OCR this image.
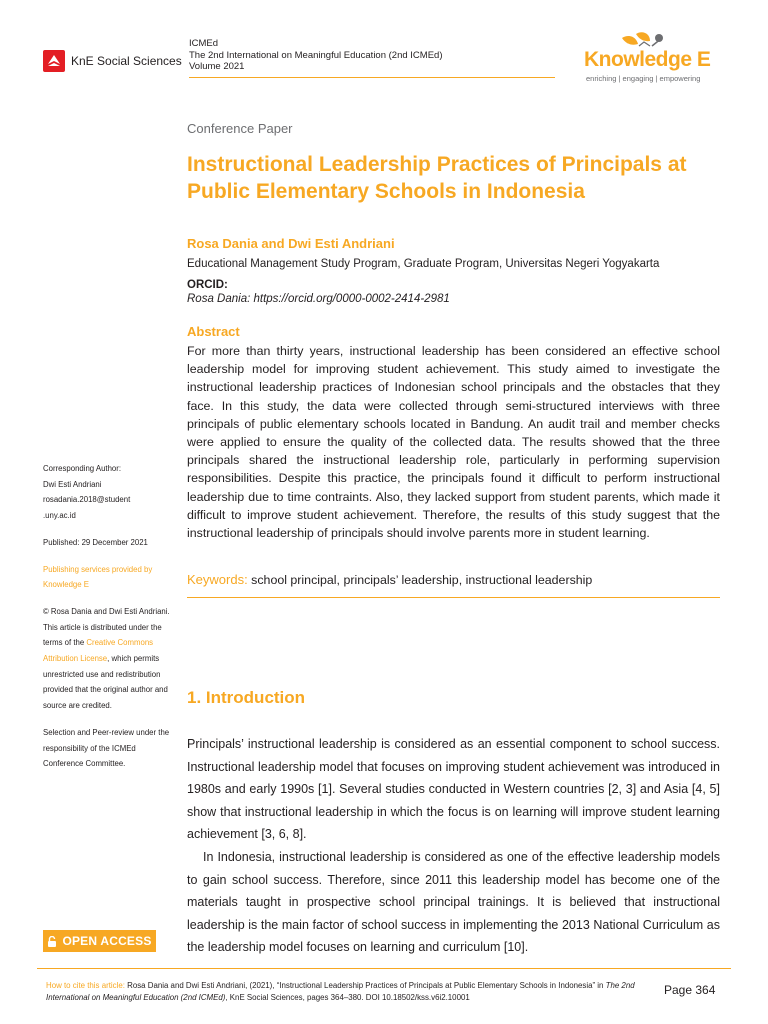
KnE Social Sciences
ICMEd
The 2nd International on Meaningful Education (2nd ICMEd)
Volume 2021	Knowledge E
enriching | engaging | empowering
Conference Paper
Instructional Leadership Practices of Principals at Public Elementary Schools in Indonesia
Rosa Dania and Dwi Esti Andriani
Educational Management Study Program, Graduate Program, Universitas Negeri Yogyakarta
ORCID:
Rosa Dania: https://orcid.org/0000-0002-2414-2981
Abstract

For more than thirty years, instructional leadership has been considered an effective school leadership model for improving student achievement. This study aimed to investigate the instructional leadership practices of Indonesian school principals and the obstacles that they face. In this study, the data were collected through semi-structured interviews with three principals of public elementary schools located in Bandung. An audit trail and member checks were applied to ensure the quality of the collected data. The results showed that the three principals shared the instructional leadership role, particularly in performing supervision responsibilities. Despite this practice, the principals found it difficult to perform instructional leadership due to time contraints. Also, they lacked support from student parents, which made it difficult to improve student achievement. Therefore, the results of this study suggest that the instructional leadership of principals should involve parents more in student learning.

Keywords: school principal, principals’ leadership, instructional leadership
1. Introduction

Principals’ instructional leadership is considered as an essential component to school success. Instructional leadership model that focuses on improving student achievement was introduced in 1980s and early 1990s [1]. Several studies conducted in Western countries [2, 3] and Asia [4, 5] show that instructional leadership in which the focus is on learning will improve student learning achievement [3, 6, 8].

In Indonesia, instructional leadership is considered as one of the effective leadership models to gain school success. Therefore, since 2011 this leadership model has become one of the materials taught in prospective school principal trainings. It is believed that instructional leadership is the main factor of school success in implementing the 2013 National Curriculum as the leadership model focuses on learning and curriculum [10].

Corresponding Author:
Dwi Esti Andriani
rosadania.2018@student
.uny.ac.id

Published: 29 December 2021

Publishing services provided by Knowledge E

© Rosa Dania and Dwi Esti Andriani. This article is distributed under the terms of the Creative Commons Attribution License, which permits unrestricted use and redistribution provided that the original author and source are credited.

Selection and Peer-review under the responsibility of the ICMEd Conference Committee.

OPEN ACCESS

How to cite this article: Rosa Dania and Dwi Esti Andriani, (2021), “Instructional Leadership Practices of Principals at Public Elementary Schools in Indonesia” in The 2nd International on Meaningful Education (2nd ICMEd), KnE Social Sciences, pages 364–380. DOI 10.18502/kss.v6i2.10001

Page 364
